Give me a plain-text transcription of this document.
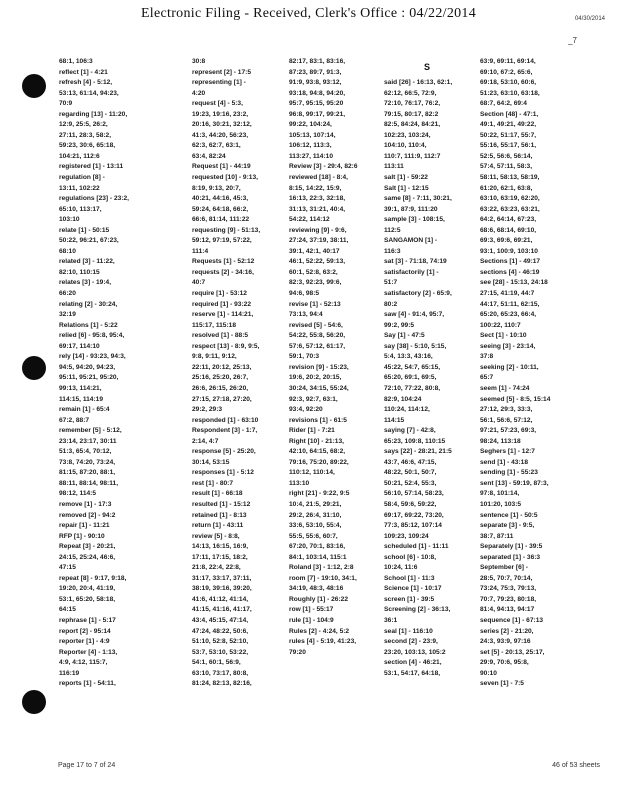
Electronic Filing - Received, Clerk's Office : 04/22/2014	04/30/2014
_7
S
68:1, 106:3
reflect [1] - 4:21
refresh [4] - 5:12,
53:13, 61:14, 94:23,
70:9
regarding [13] - 11:20,
12:9, 25:5, 26:2,
27:11, 28:3, 58:2,
59:23, 30:6, 65:18,
104:21, 112:6
registered [1] - 13:11
regulation [8] -
13:11, 102:22
regulations [23] - 23:2,
65:10, 113:17,
103:10
relate [1] - 50:15
50:22, 96:21, 67:23,
68:10
related [3] - 11:22,
82:10, 110:15
relates [3] - 19:4,
66:20
relating [2] - 30:24,
32:19
Relations [1] - 5:22
relied [6] - 95:8, 95:4,
69:17, 114:10
rely [14] - 93:23, 94:3,
94:5, 94:20, 94:23,
95:11, 95:21, 95:20,
99:13, 114:21,
114:15, 114:19
remain [1] - 65:4
67:2, 88:7
remember [5] - 5:12,
23:14, 23:17, 30:11
51:3, 65:4, 70:12,
73:8, 74:20, 73:24,
81:15, 87:20, 88:1,
88:11, 88:14, 98:11,
98:12, 114:5
remove [1] - 17:3
removed [2] - 94:2
repair [1] - 11:21
RFP [1] - 90:10
Repeat [3] - 20:21,
24:15, 25:24, 46:6,
47:15
repeat [8] - 9:17, 9:18,
19:20, 20:4, 41:19,
53:1, 65:20, 58:18,
64:15
rephrase [1] - 5:17
report [2] - 95:14
reporter [1] - 4:9
Reporter [4] - 1:13,
4:9, 4:12, 115:7,
116:19
reports [1] - 54:11,
30:8
represent [2] - 17:5
representing [1] -
4:20
request [4] - 5:3,
19:23, 19:16, 23:2,
20:16, 30:21, 32:12,
41:3, 44:20, 56:23,
62:3, 62:7, 63:1,
63:4, 82:24
Request [1] - 44:19
requested [10] - 9:13,
8:19, 9:13, 20:7,
40:21, 44:16, 45:3,
59:24, 64:18, 66:2,
66:6, 81:14, 111:22
requesting [9] - 51:13,
59:12, 97:19, 57:22,
111:4
Requests [1] - 52:12
requests [2] - 34:16,
40:7
require [1] - 53:12
required [1] - 93:22
reserve [1] - 114:21,
115:17, 115:18
resolved [1] - 88:5
respect [13] - 8:9, 9:5,
9:8, 9:11, 9:12,
22:11, 20:12, 25:13,
25:16, 25:20, 26:7,
26:6, 26:15, 26:20,
27:15, 27:18, 27:20,
29:2, 29:3
responded [1] - 63:10
Respondent [3] - 1:7,
2:14, 4:7
response [5] - 25:20,
30:14, 53:15
responses [1] - 5:12
rest [1] - 80:7
result [1] - 66:18
resulted [1] - 15:12
retained [1] - 8:13
return [1] - 43:11
review [5] - 8:8,
14:13, 16:15, 16:9,
17:11, 17:15, 18:2,
21:8, 22:4, 22:8,
31:17, 33:17, 37:11,
38:19, 39:16, 39:20,
41:6, 41:12, 41:14,
41:15, 41:16, 41:17,
43:4, 45:15, 47:14,
47:24, 48:22, 50:6,
51:10, 52:8, 52:10,
53:7, 53:10, 53:22,
54:1, 60:1, 56:9,
63:10, 73:17, 80:8,
81:24, 82:13, 82:16,
82:17, 83:1, 83:16,
87:23, 89:7, 91:3,
91:9, 93:8, 93:12,
93:18, 94:8, 94:20,
95:7, 95:15, 95:20
96:8, 99:17, 99:21,
99:22, 104:24,
105:13, 107:14,
106:12, 113:3,
113:27, 114:10
Review [3] - 29:4, 82:6
reviewed [18] - 8:4,
8:15, 14:22, 15:9,
16:13, 22:3, 32:18,
31:13, 31:21, 40:4,
54:22, 114:12
reviewing [9] - 9:6,
27:24, 37:19, 38:11,
39:1, 42:1, 40:17
46:1, 52:22, 59:13,
60:1, 52:8, 63:2,
82:3, 92:23, 99:6,
94:6, 98:5
revise [1] - 52:13
73:13, 94:4
revised [5] - 54:6,
54:22, 55:8, 56:20,
57:6, 57:12, 61:17,
59:1, 70:3
revision [9] - 15:23,
19:6, 20:2, 20:15,
30:24, 34:15, 55:24,
92:3, 92:7, 63:1,
93:4, 92:20
revisions [1] - 61:5
Rider [1] - 7:21
Right [10] - 21:13,
42:10, 64:15, 68:2,
79:16, 75:20, 89:22,
110:12, 110:14,
113:10
right [21] - 9:22, 9:5
10:4, 21:5, 29:21,
29:2, 26:4, 31:10,
33:6, 53:10, 55:4,
55:5, 55:6, 60:7,
67:20, 70:1, 83:16,
84:1, 103:14, 115:1
Roland [3] - 1:12, 2:8
room [7] - 19:10, 34:1,
34:19, 48:3, 48:16
Roughly [1] - 26:22
row [1] - 55:17
rule [1] - 104:9
Rules [2] - 4:24, 5:2
rules [4] - 5:19, 41:23,
79:20

said [26] - 16:13, 62:1,
62:12, 66:5, 72:9,
72:10, 76:17, 76:2,
79:15, 80:17, 82:2
82:5, 84:24, 84:21,
102:23, 103:24,
104:10, 110:4,
110:7, 111:9, 112:7
113:11
salt [1] - 59:22
Salt [1] - 12:15
same [8] - 7:11, 30:21,
39:1, 87:9, 111:20
sample [3] - 108:15,
112:5
SANGAMON [1] -
116:3
sat [3] - 71:18, 74:19
satisfactorily [1] -
51:7
satisfactory [2] - 65:9,
80:2
saw [4] - 91:4, 95:7,
99:2, 99:5
Say [1] - 47:5
say [38] - 5:10, 5:15,
5:4, 13:3, 43:16,
45:22, 54:7, 65:15,
65:20, 69:1, 69:5,
72:10, 77:22, 80:8,
82:9, 104:24
110:24, 114:12,
114:15
saying [7] - 42:8,
65:23, 109:8, 110:15
says [22] - 28:21, 21:5
43:7, 46:6, 47:15,
48:22, 50:1, 50:7,
50:21, 52:4, 55:3,
56:10, 57:14, 58:23,
58:4, 59:6, 59:22,
69:17, 69:22, 73:20,
77:3, 85:12, 107:14
109:23, 109:24
scheduled [1] - 11:11
school [6] - 10:8,
10:24, 11:6
School [1] - 11:3
Science [1] - 10:17
screen [1] - 39:5
Screening [2] - 36:13,
36:1
seal [1] - 116:10
second [2] - 23:9,
23:20, 103:13, 105:2
section [4] - 46:21,
53:1, 54:17, 64:18,
63:9, 69:11, 69:14,
69:10, 67:2, 65:6,
69:18, 53:10, 60:6,
51:23, 63:10, 63:18,
68:7, 64:2, 69:4
Section [48] - 47:1,
49:1, 49:21, 49:22,
50:22, 51:17, 55:7,
55:16, 55:17, 56:1,
52:5, 56:6, 56:14,
57:4, 57:11, 58:3,
58:11, 58:13, 58:19,
61:20, 62:1, 63:8,
63:10, 63:19, 62:20,
63:22, 63:23, 63:21,
64:2, 64:14, 67:23,
68:6, 68:14, 69:10,
69:3, 69:6, 69:21,
93:1, 100:9, 103:10
Sections [1] - 49:17
sections [4] - 46:19
see [28] - 15:13, 24:18
27:15, 41:19, 44:7
44:17, 51:11, 62:15,
65:20, 65:23, 66:4,
100:22, 110:7
Sect [1] - 10:10
seeing [3] - 23:14,
37:8
seeking [2] - 10:11,
65:7
seem [1] - 74:24
seemed [5] - 8:5, 15:14
27:12, 29:3, 33:3,
56:1, 56:6, 57:12,
97:21, 57:23, 69:3,
98:24, 113:18
Seghers [1] - 12:7
send [1] - 43:18
sending [1] - 55:23
sent [13] - 59:19, 87:3,
97:8, 101:14,
101:20, 103:5
sentence [1] - 50:5
separate [3] - 9:5,
38:7, 87:11
Separately [1] - 39:5
separated [1] - 36:3
September [6] -
28:5, 70:7, 70:14,
73:24, 75:3, 79:13,
70:7, 79:23, 80:18,
81:4, 94:13, 94:17
sequence [1] - 67:13
series [2] - 21:20,
24:3, 93:9, 97:16
set [5] - 20:13, 25:17,
29:9, 70:6, 95:8,
90:10
seven [1] - 7:5
Page 17 to 7 of 24	46 of 53 sheets
